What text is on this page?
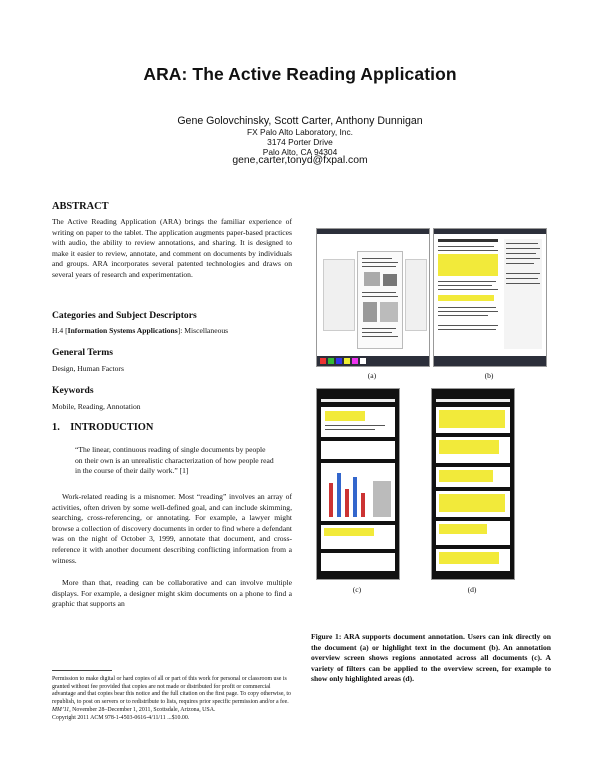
ARA: The Active Reading Application
Gene Golovchinsky, Scott Carter, Anthony Dunnigan
FX Palo Alto Laboratory, Inc.
3174 Porter Drive
Palo Alto, CA 94304
gene,carter,tonyd@fxpal.com
ABSTRACT
The Active Reading Application (ARA) brings the familiar experience of writing on paper to the tablet. The application augments paper-based practices with audio, the ability to review annotations, and sharing. It is designed to make it easier to review, annotate, and comment on documents by individuals and groups. ARA incorporates several patented technologies and draws on several years of research and experimentation.
Categories and Subject Descriptors
H.4 [Information Systems Applications]: Miscellaneous
General Terms
Design, Human Factors
Keywords
Mobile, Reading, Annotation
1. INTRODUCTION
“The linear, continuous reading of single documents by people on their own is an unrealistic characterization of how people read in the course of their daily work.” [1]
Work-related reading is a misnomer. Most “reading” involves an array of activities, often driven by some well-defined goal, and can include skimming, searching, cross-referencing, or annotating. For example, a lawyer might browse a collection of discovery documents in order to find where a defendant was on the night of October 3, 1999, annotate that document, and cross-reference it with another document describing conflicting information from a witness.
More than that, reading can be collaborative and can involve multiple displays. For example, a designer might skim documents on a phone to find a graphic that supports an
Permission to make digital or hard copies of all or part of this work for personal or classroom use is granted without fee provided that copies are not made or distributed for profit or commercial advantage and that copies bear this notice and the full citation on the first page. To copy otherwise, to republish, to post on servers or to redistribute to lists, requires prior specific permission and/or a fee.
MM’11, November 28–December 1, 2011, Scottsdale, Arizona, USA.
Copyright 2011 ACM 978-1-4503-0616-4/11/11 ...$10.00.
(a)	(b)
(c)	(d)
Figure 1: ARA supports document annotation. Users can ink directly on the document (a) or highlight text in the document (b). An annotation overview screen shows regions annotated across all documents (c). A variety of filters can be applied to the overview screen, for example to show only highlighted areas (d).
